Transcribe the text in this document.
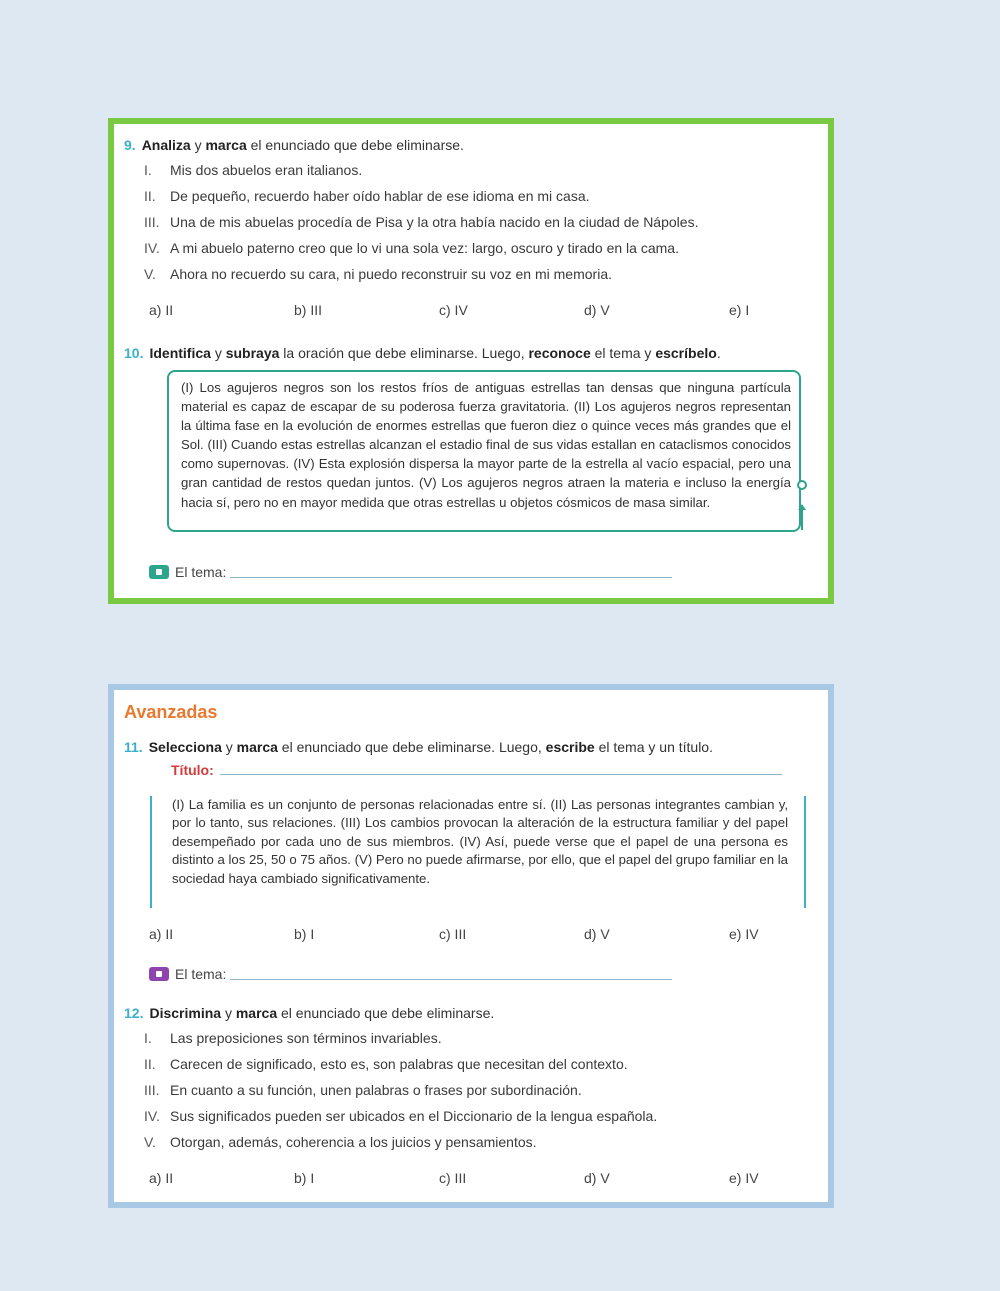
9. Analiza y marca el enunciado que debe eliminarse.
I. Mis dos abuelos eran italianos.
II. De pequeño, recuerdo haber oído hablar de ese idioma en mi casa.
III. Una de mis abuelas procedía de Pisa y la otra había nacido en la ciudad de Nápoles.
IV. A mi abuelo paterno creo que lo vi una sola vez: largo, oscuro y tirado en la cama.
V. Ahora no recuerdo su cara, ni puedo reconstruir su voz en mi memoria.
a) II	b) III	c) IV	d) V	e) I
10. Identifica y subraya la oración que debe eliminarse. Luego, reconoce el tema y escríbelo.
(I) Los agujeros negros son los restos fríos de antiguas estrellas tan densas que ninguna partícula material es capaz de escapar de su poderosa fuerza gravitatoria. (II) Los agujeros negros representan la última fase en la evolución de enormes estrellas que fueron diez o quince veces más grandes que el Sol. (III) Cuando estas estrellas alcanzan el estadio final de sus vidas estallan en cataclismos conocidos como supernovas. (IV) Esta explosión dispersa la mayor parte de la estrella al vacío espacial, pero una gran cantidad de restos quedan juntos. (V) Los agujeros negros atraen la materia e incluso la energía hacia sí, pero no en mayor medida que otras estrellas u objetos cósmicos de masa similar.
El tema:
Avanzadas
11. Selecciona y marca el enunciado que debe eliminarse. Luego, escribe el tema y un título.
Título:
(I) La familia es un conjunto de personas relacionadas entre sí. (II) Las personas integrantes cambian y, por lo tanto, sus relaciones. (III) Los cambios provocan la alteración de la estructura familiar y del papel desempeñado por cada uno de sus miembros. (IV) Así, puede verse que el papel de una persona es distinto a los 25, 50 o 75 años. (V) Pero no puede afirmarse, por ello, que el papel del grupo familiar en la sociedad haya cambiado significativamente.
a) II	b) I	c) III	d) V	e) IV
El tema:
12. Discrimina y marca el enunciado que debe eliminarse.
I. Las preposiciones son términos invariables.
II. Carecen de significado, esto es, son palabras que necesitan del contexto.
III. En cuanto a su función, unen palabras o frases por subordinación.
IV. Sus significados pueden ser ubicados en el Diccionario de la lengua española.
V. Otorgan, además, coherencia a los juicios y pensamientos.
a) II	b) I	c) III	d) V	e) IV
